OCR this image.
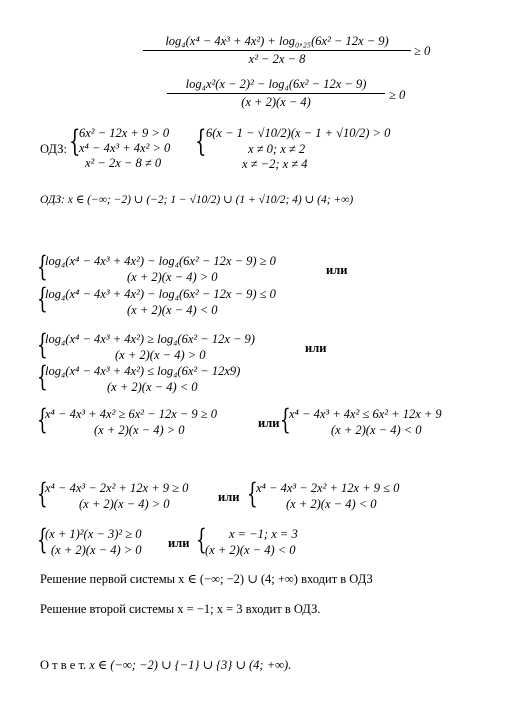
log₄(x⁴ − 4x³ + 4x²) + log₀,₂₅(6x² − 12x − 9)
x² − 2x − 8
≥ 0
log₄x²(x − 2)² − log₄(6x² − 12x − 9)
(x + 2)(x − 4)	≥ 0
ОДЗ: {
6x² − 12x + 9 > 0
x⁴ − 4x³ + 4x² > 0
x² − 2x − 8 ≠ 0
{ 6(x − 1 − √10/2)(x − 1 + √10/2) > 0
x ≠ 0; x ≠ 2
x ≠ −2; x ≠ 4
ОДЗ: x ∈ (−∞; −2) ∪ (−2; 1 − √10/2) ∪ (1 + √10/2; 4) ∪ (4; +∞)
{
log₄(x⁴ − 4x³ + 4x²) − log₄(6x² − 12x − 9) ≥ 0
(x + 2)(x − 4) > 0	или
{
log₄(x⁴ − 4x³ + 4x²) − log₄(6x² − 12x − 9) ≤ 0
(x + 2)(x − 4) < 0
{
log₄(x⁴ − 4x³ + 4x²) ≥ log₄(6x² − 12x − 9)
(x + 2)(x − 4) > 0	или
{
log₄(x⁴ − 4x³ + 4x²) ≤ log₄(6x² − 12x9)
(x + 2)(x − 4) < 0
{
x⁴ − 4x³ + 4x² ≥ 6x² − 12x − 9 ≥ 0
(x + 2)(x − 4) > 0	или {
x⁴ − 4x³ + 4x² ≤ 6x² + 12x + 9
(x + 2)(x − 4) < 0
{
x⁴ − 4x³ − 2x² + 12x + 9 ≥ 0
(x + 2)(x − 4) > 0	или {
x⁴ − 4x³ − 2x² + 12x + 9 ≤ 0
(x + 2)(x − 4) < 0
{
(x + 1)²(x − 3)² ≥ 0
(x + 2)(x − 4) > 0 или { x = −1; x = 3
(x + 2)(x − 4) < 0
Решение первой системы x ∈ (−∞; −2) ∪ (4; +∞) входит в ОДЗ
Решение второй системы x = −1; x = 3 входит в ОДЗ.
О т в е т. x ∈ (−∞; −2) ∪ {−1} ∪ {3} ∪ (4; +∞).
